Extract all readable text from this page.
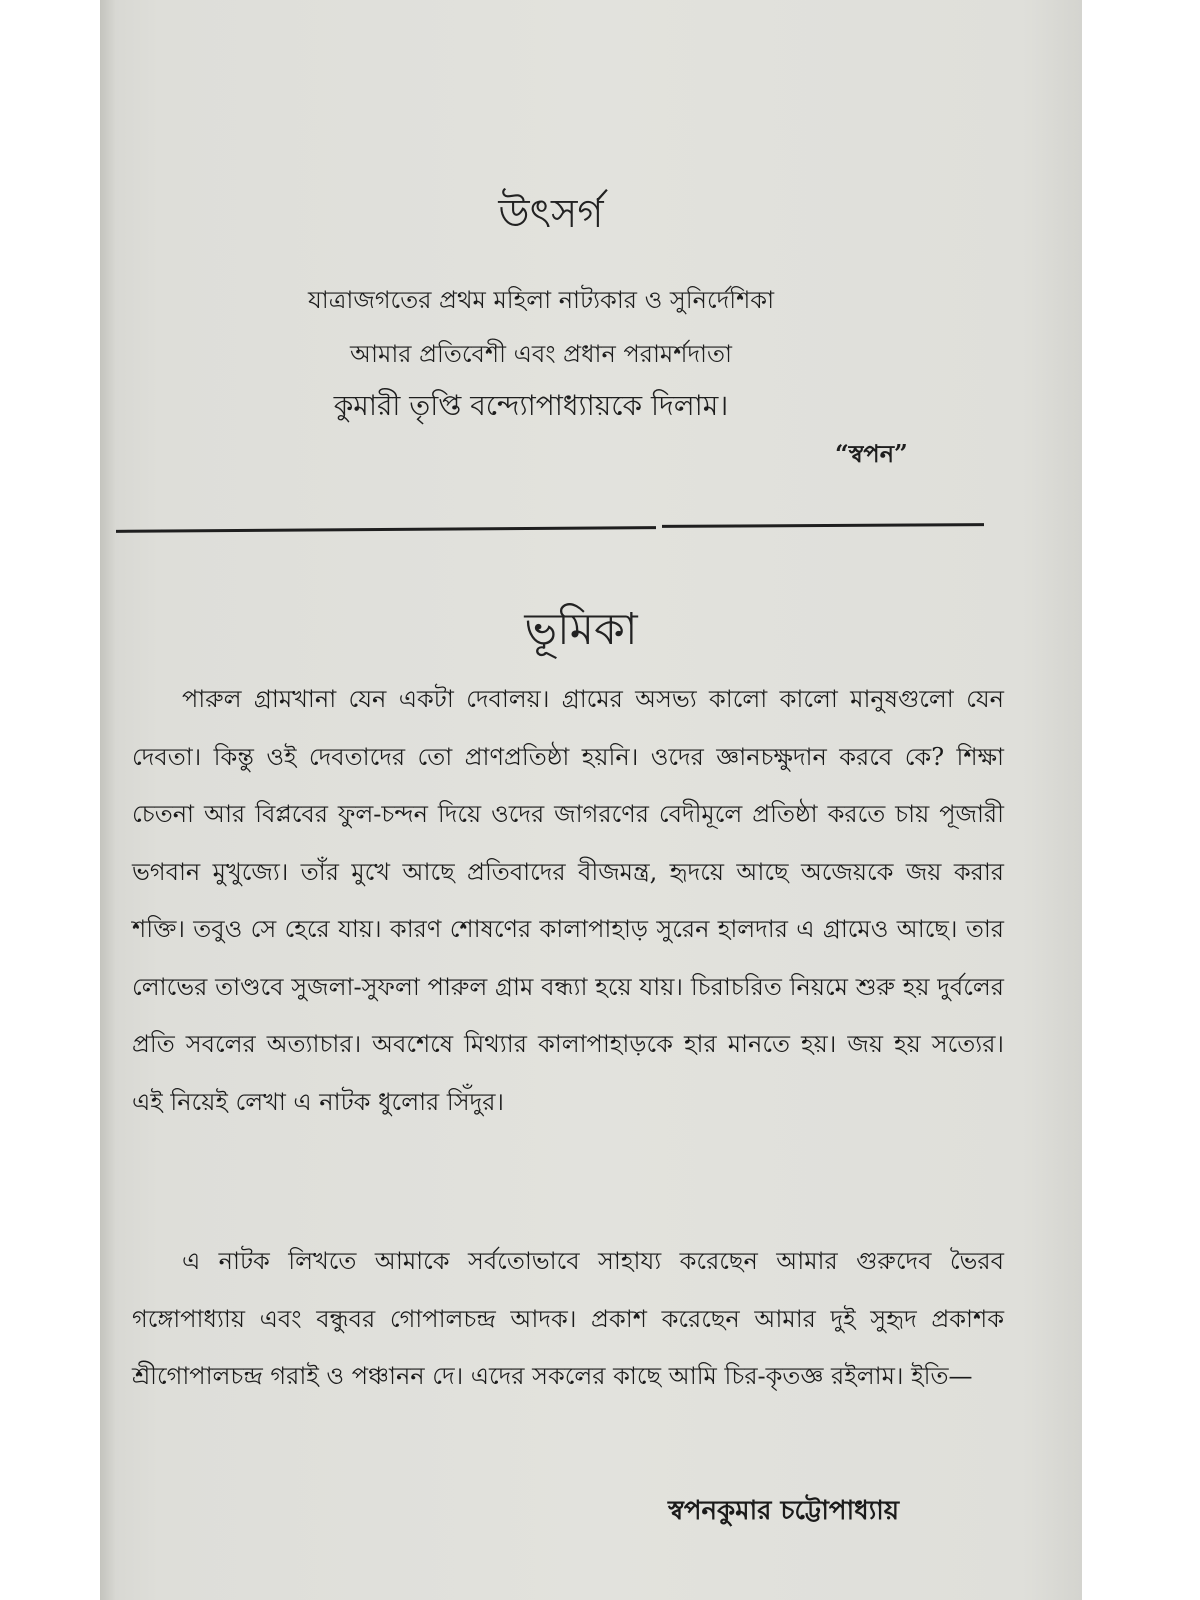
উৎসর্গ
যাত্রাজগতের প্রথম মহিলা নাট্যকার ও সুনির্দেশিকা
আমার প্রতিবেশী এবং প্রধান পরামর্শদাতা
কুমারী তৃপ্তি বন্দ্যোপাধ্যায়কে দিলাম।
“স্বপন”
ভূমিকা
পারুল গ্রামখানা যেন একটা দেবালয়। গ্রামের অসভ্য কালো কালো মানুষগুলো যেন দেবতা। কিন্তু ওই দেবতাদের তো প্রাণপ্রতিষ্ঠা হয়নি। ওদের জ্ঞানচক্ষুদান করবে কে? শিক্ষা চেতনা আর বিপ্লবের ফুল-চন্দন দিয়ে ওদের জাগরণের বেদীমূলে প্রতিষ্ঠা করতে চায় পূজারী ভগবান মুখুজ্যে। তাঁর মুখে আছে প্রতিবাদের বীজমন্ত্র, হৃদয়ে আছে অজেয়কে জয় করার শক্তি। তবুও সে হেরে যায়। কারণ শোষণের কালাপাহাড় সুরেন হালদার এ গ্রামেও আছে। তার লোভের তাণ্ডবে সুজলা-সুফলা পারুল গ্রাম বন্ধ্যা হয়ে যায়। চিরাচরিত নিয়মে শুরু হয় দুর্বলের প্রতি সবলের অত্যাচার। অবশেষে মিথ্যার কালাপাহাড়কে হার মানতে হয়। জয় হয় সত্যের। এই নিয়েই লেখা এ নাটক ধুলোর সিঁদুর।
এ নাটক লিখতে আমাকে সর্বতোভাবে সাহায্য করেছেন আমার গুরুদেব ভৈরব গঙ্গোপাধ্যায় এবং বন্ধুবর গোপালচন্দ্র আদক। প্রকাশ করেছেন আমার দুই সুহৃদ প্রকাশক শ্রীগোপালচন্দ্র গরাই ও পঞ্চানন দে। এদের সকলের কাছে আমি চির-কৃতজ্ঞ রইলাম। ইতি—
স্বপনকুমার চট্টোপাধ্যায়
